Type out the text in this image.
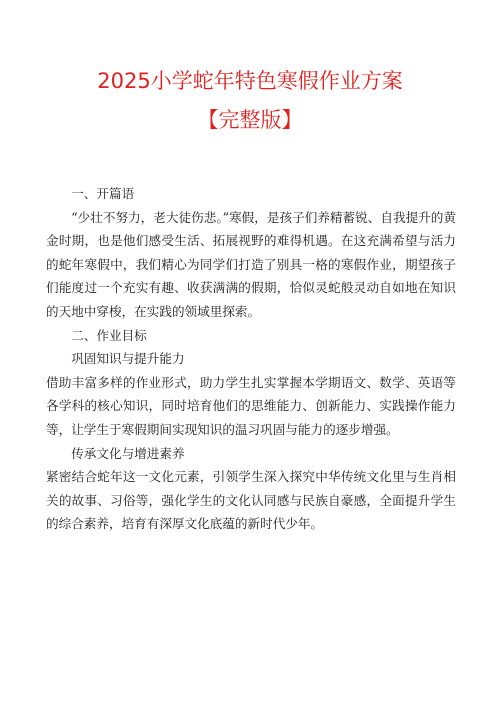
2025小学蛇年特色寒假作业方案
【完整版】

一、开篇语

“少壮不努力，老大徒伤悲。”寒假，是孩子们养精蓄锐、自我提升的黄金时期，也是他们感受生活、拓展视野的难得机遇。在这充满希望与活力的蛇年寒假中，我们精心为同学们打造了别具一格的寒假作业，期望孩子们能度过一个充实有趣、收获满满的假期，恰似灵蛇般灵动自如地在知识的天地中穿梭，在实践的领域里探索。

二、作业目标

巩固知识与提升能力

借助丰富多样的作业形式，助力学生扎实掌握本学期语文、数学、英语等各学科的核心知识，同时培育他们的思维能力、创新能力、实践操作能力等，让学生于寒假期间实现知识的温习巩固与能力的逐步增强。

传承文化与增进素养

紧密结合蛇年这一文化元素，引领学生深入探究中华传统文化里与生肖相关的故事、习俗等，强化学生的文化认同感与民族自豪感，全面提升学生的综合素养，培育有深厚文化底蕴的新时代少年。
